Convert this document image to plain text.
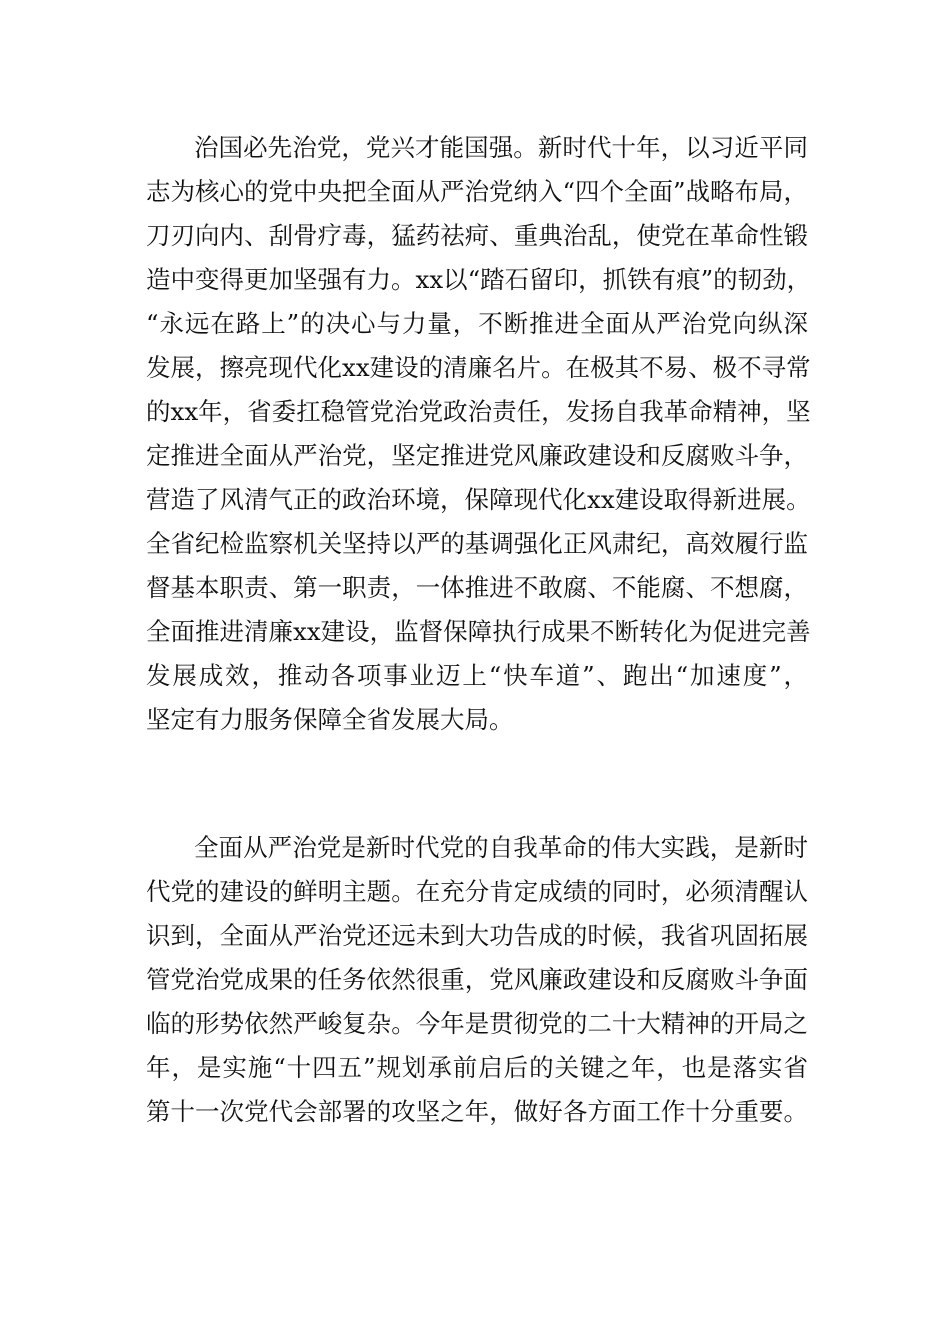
治国必先治党，党兴才能国强。新时代十年，以习近平同
志为核心的党中央把全面从严治党纳入“四个全面”战略布局，
刀刃向内、刮骨疗毒，猛药祛疴、重典治乱，使党在革命性锻
造中变得更加坚强有力。xx以“踏石留印，抓铁有痕”的韧劲，
“永远在路上”的决心与力量，不断推进全面从严治党向纵深
发展，擦亮现代化xx建设的清廉名片。在极其不易、极不寻常
的xx年，省委扛稳管党治党政治责任，发扬自我革命精神，坚
定推进全面从严治党，坚定推进党风廉政建设和反腐败斗争，
营造了风清气正的政治环境，保障现代化xx建设取得新进展。
全省纪检监察机关坚持以严的基调强化正风肃纪，高效履行监
督基本职责、第一职责，一体推进不敢腐、不能腐、不想腐，
全面推进清廉xx建设，监督保障执行成果不断转化为促进完善
发展成效，推动各项事业迈上“快车道”、跑出“加速度”，
坚定有力服务保障全省发展大局。
全面从严治党是新时代党的自我革命的伟大实践，是新时
代党的建设的鲜明主题。在充分肯定成绩的同时，必须清醒认
识到，全面从严治党还远未到大功告成的时候，我省巩固拓展
管党治党成果的任务依然很重，党风廉政建设和反腐败斗争面
临的形势依然严峻复杂。今年是贯彻党的二十大精神的开局之
年，是实施“十四五”规划承前启后的关键之年，也是落实省
第十一次党代会部署的攻坚之年，做好各方面工作十分重要。
